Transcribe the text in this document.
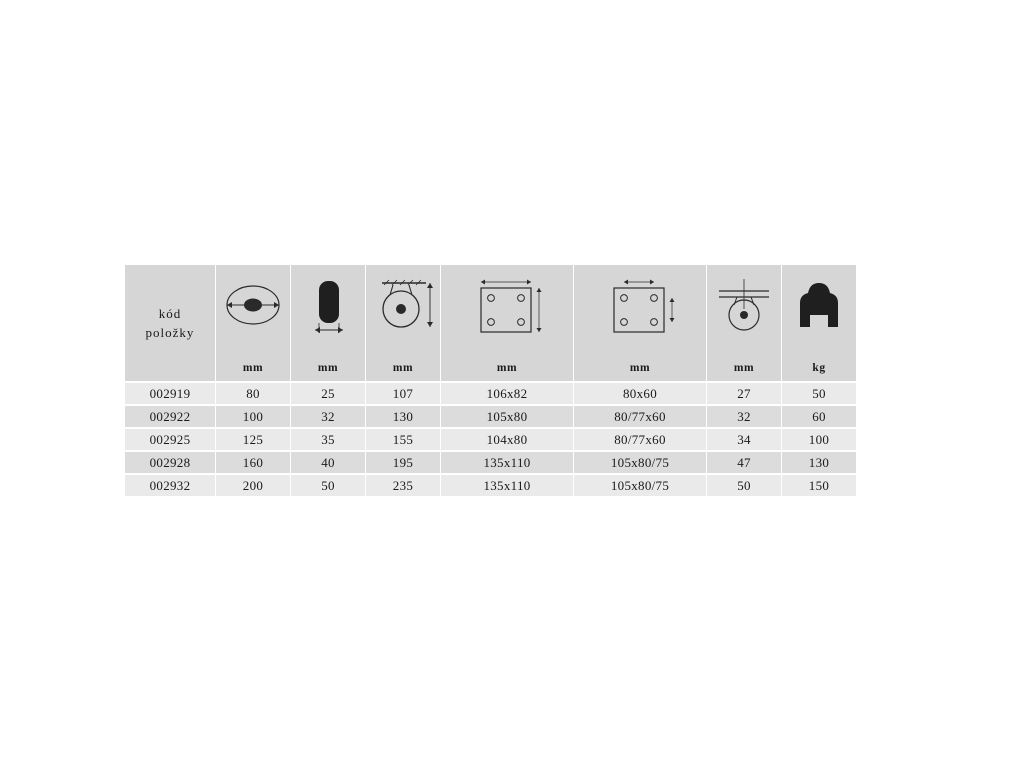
kód
položky	mm	mm	mm	mm	mm	mm	kg

002919	80	25	107	106x82	80x60	27	50
002922	100	32	130	105x80	80/77x60	32	60
002925	125	35	155	104x80	80/77x60	34	100
002928	160	40	195	135x110	105x80/75	47	130
002932	200	50	235	135x110	105x80/75	50	150
